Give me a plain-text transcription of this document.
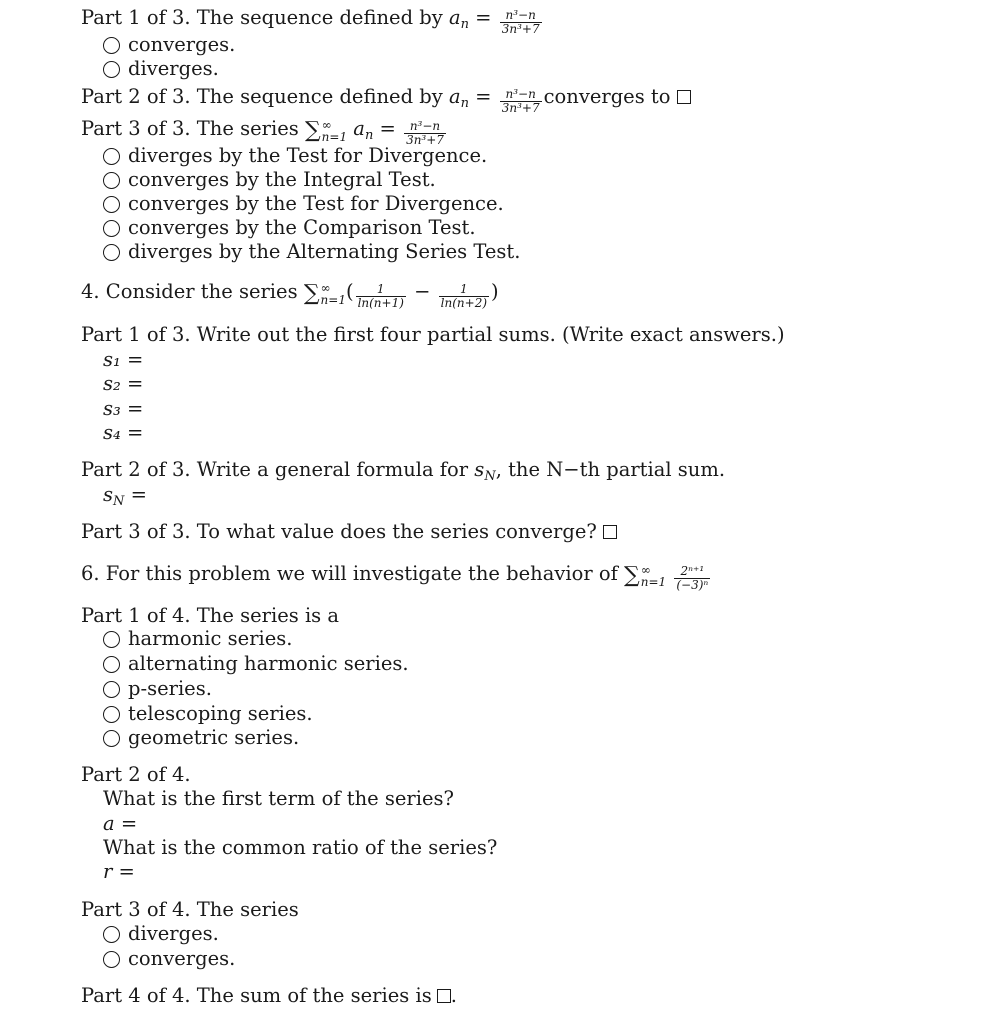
Part 1 of 3. The sequence defined by $a_n = \frac{\text{n³−n}}{\text{3n³+7}}$
converges.
diverges.
Part 2 of 3. The sequence defined by $a_n = \frac{\text{n³−n}}{\text{3n³+7}}$ converges to
Part 3 of 3. The series ∑ ∞
n=1 $a_n = \frac{\text{n³−n}}{\text{3n³+7}}$
diverges by the Test for Divergence.
converges by the Integral Test.
converges by the Test for Divergence.
converges by the Comparison Test.
diverges by the Alternating Series Test.
4. Consider the series ∑ ∞
n=1 ( $\frac{1}{\ln(n+1)} - \frac{1}{\ln(n+2)}$ )
Part 1 of 3. Write out the first four partial sums. (Write exact answers.)
s₁ =
s₂ =
s₃ =
s₄ =
Part 2 of 3. Write a general formula for $s_N$, the N−th partial sum.
$s_N$ =
Part 3 of 3. To what value does the series converge?
6. For this problem we will investigate the behavior of ∑ ∞
n=1
$\frac{\text{2ⁿ⁺¹}}{\text{(−3)ⁿ}}$
Part 1 of 4. The series is a
harmonic series.
alternating harmonic series.
p-series.
telescoping series.
geometric series.
Part 2 of 4.
What is the first term of the series?
a =
What is the common ratio of the series?
r =
Part 3 of 4. The series
diverges.
converges.
Part 4 of 4. The sum of the series is .
